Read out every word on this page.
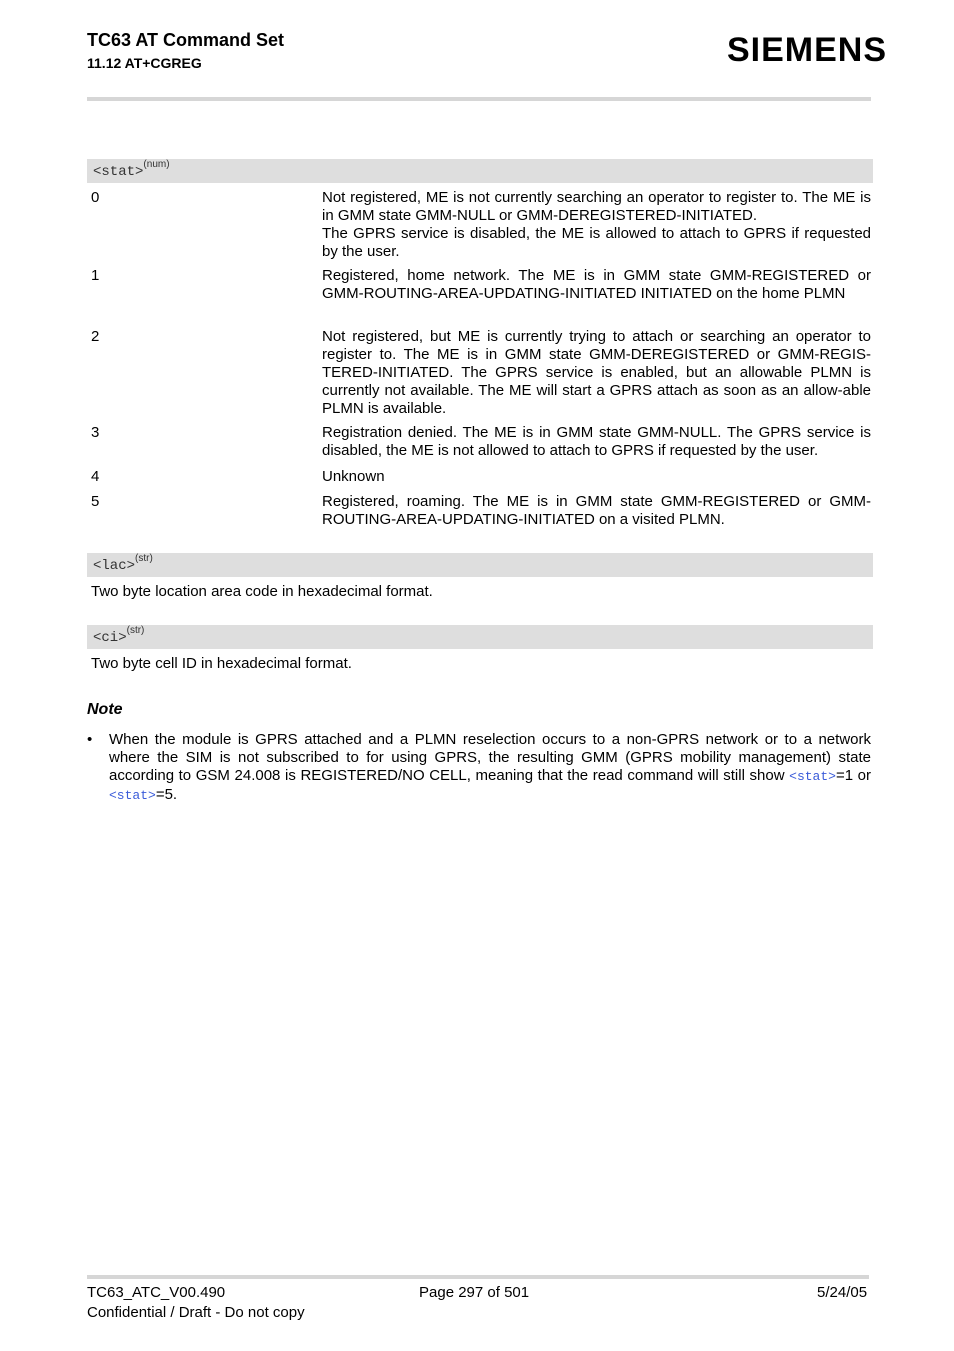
TC63 AT Command Set
11.12 AT+CGREG	SIEMENS
<stat>$^{(num)}$
0	Not registered, ME is not currently searching an operator to register to. The ME is in GMM state GMM-NULL or GMM-DEREGISTERED-INITIATED.
The GPRS service is disabled, the ME is allowed to attach to GPRS if requested by the user.
1	Registered, home network. The ME is in GMM state GMM-REGISTERED or GMM-ROUTING-AREA-UPDATING-INITIATED INITIATED on the home PLMN
2	Not registered, but ME is currently trying to attach or searching an operator to register to. The ME is in GMM state GMM-DEREGISTERED or GMM-REGIS-TERED-INITIATED. The GPRS service is enabled, but an allowable PLMN is currently not available. The ME will start a GPRS attach as soon as an allow-able PLMN is available.
3	Registration denied. The ME is in GMM state GMM-NULL. The GPRS service is disabled, the ME is not allowed to attach to GPRS if requested by the user.
4	Unknown
5	Registered, roaming. The ME is in GMM state GMM-REGISTERED or GMM-ROUTING-AREA-UPDATING-INITIATED on a visited PLMN.
<lac>$^{(str)}$
Two byte location area code in hexadecimal format.
<ci>$^{(str)}$
Two byte cell ID in hexadecimal format.
Note
• When the module is GPRS attached and a PLMN reselection occurs to a non-GPRS network or to a network where the SIM is not subscribed to for using GPRS, the resulting GMM (GPRS mobility management) state according to GSM 24.008 is REGISTERED/NO CELL, meaning that the read command will still show <stat>=1 or <stat>=5.
TC63_ATC_V00.490
Confidential / Draft - Do not copy
Page 297 of 501	5/24/05
